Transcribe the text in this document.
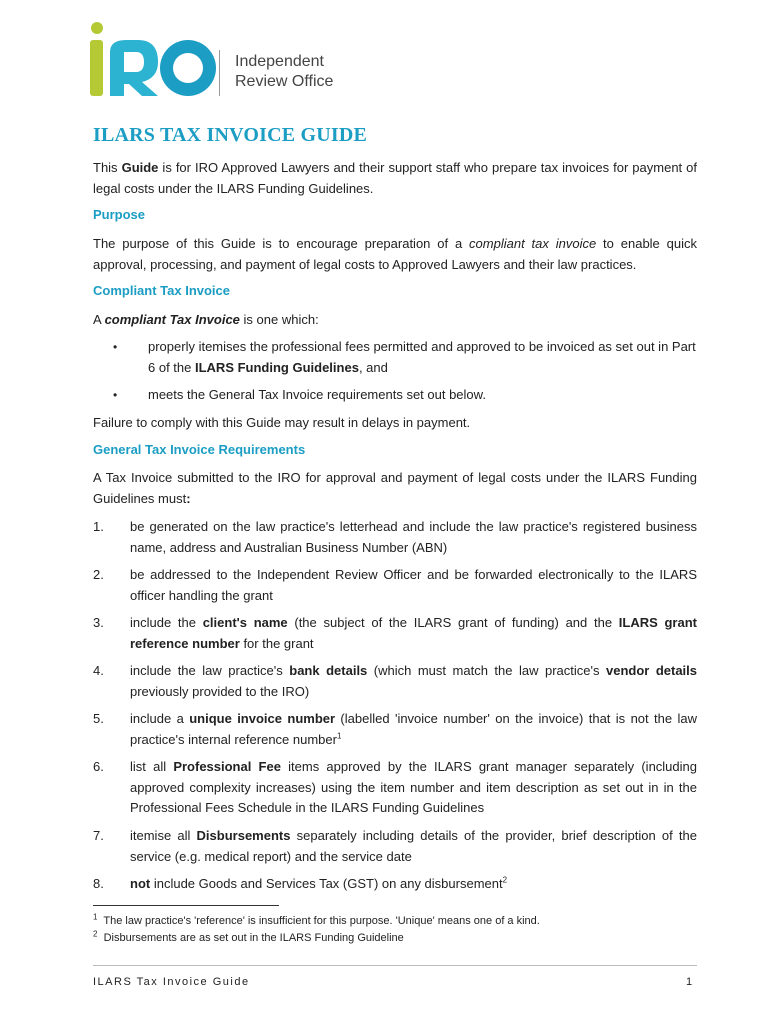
Independent
Review Office
ILARS TAX INVOICE GUIDE
This Guide is for IRO Approved Lawyers and their support staff who prepare tax invoices for payment of legal costs under the ILARS Funding Guidelines.
Purpose
The purpose of this Guide is to encourage preparation of a compliant tax invoice to enable quick approval, processing, and payment of legal costs to Approved Lawyers and their law practices.
Compliant Tax Invoice
A compliant Tax Invoice is one which:
• properly itemises the professional fees permitted and approved to be invoiced as set out in Part 6 of the ILARS Funding Guidelines, and
• meets the General Tax Invoice requirements set out below.
Failure to comply with this Guide may result in delays in payment.
General Tax Invoice Requirements
A Tax Invoice submitted to the IRO for approval and payment of legal costs under the ILARS Funding Guidelines must:
1. be generated on the law practice's letterhead and include the law practice's registered business name, address and Australian Business Number (ABN)
2. be addressed to the Independent Review Officer and be forwarded electronically to the ILARS officer handling the grant
3. include the client's name (the subject of the ILARS grant of funding) and the ILARS grant reference number for the grant
4. include the law practice's bank details (which must match the law practice's vendor details previously provided to the IRO)
5. include a unique invoice number (labelled 'invoice number' on the invoice) that is not the law practice's internal reference number$^1$
6. list all Professional Fee items approved by the ILARS grant manager separately (including approved complexity increases) using the item number and item description as set out in in the Professional Fees Schedule in the ILARS Funding Guidelines
7. itemise all Disbursements separately including details of the provider, brief description of the service (e.g. medical report) and the service date
8. not include Goods and Services Tax (GST) on any disbursement$^2$
$^1$ The law practice's 'reference' is insufficient for this purpose. 'Unique' means one of a kind.
$^2$ Disbursements are as set out in the ILARS Funding Guideline
ILARS Tax Invoice Guide	1
